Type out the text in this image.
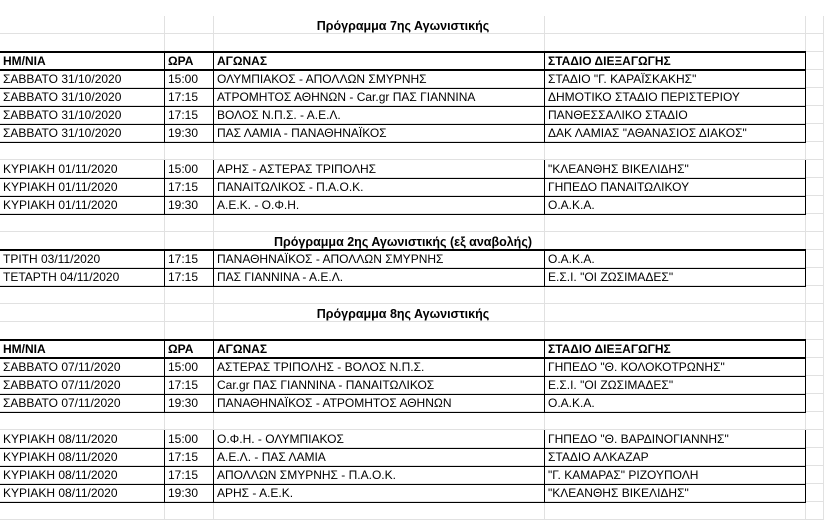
Πρόγραμμα 7ης Αγωνιστικής
ΗΜ/ΝΙΑ	ΩΡΑ	ΑΓΩΝΑΣ	ΣΤΑΔΙΟ ΔΙΕΞΑΓΩΓΗΣ
ΣΑΒΒΑΤΟ 31/10/2020	15:00	ΟΛΥΜΠΙΑΚΟΣ - ΑΠΟΛΛΩΝ ΣΜΥΡΝΗΣ	ΣΤΑΔΙΟ "Γ. ΚΑΡΑΪΣΚΑΚΗΣ"
ΣΑΒΒΑΤΟ 31/10/2020	17:15	ΑΤΡΟΜΗΤΟΣ ΑΘΗΝΩΝ - Car.gr ΠΑΣ ΓΙΑΝΝΙΝΑ	ΔΗΜΟΤΙΚΟ ΣΤΑΔΙΟ ΠΕΡΙΣΤΕΡΙΟΥ
ΣΑΒΒΑΤΟ 31/10/2020	17:15	ΒΟΛΟΣ Ν.Π.Σ. - Α.Ε.Λ.	ΠΑΝΘΕΣΣΑΛΙΚΟ ΣΤΑΔΙΟ
ΣΑΒΒΑΤΟ 31/10/2020	19:30	ΠΑΣ ΛΑΜΙΑ - ΠΑΝΑΘΗΝΑΪΚΟΣ	ΔΑΚ ΛΑΜΙΑΣ "ΑΘΑΝΑΣΙΟΣ ΔΙΑΚΟΣ"
ΚΥΡΙΑΚΗ 01/11/2020	15:00	ΑΡΗΣ - ΑΣΤΕΡΑΣ ΤΡΙΠΟΛΗΣ	"ΚΛΕΑΝΘΗΣ ΒΙΚΕΛΙΔΗΣ"
ΚΥΡΙΑΚΗ 01/11/2020	17:15	ΠΑΝΑΙΤΩΛΙΚΟΣ - Π.Α.Ο.Κ.	ΓΗΠΕΔΟ ΠΑΝΑΙΤΩΛΙΚΟΥ
ΚΥΡΙΑΚΗ 01/11/2020	19:30	Α.Ε.Κ. - Ο.Φ.Η.	Ο.Α.Κ.Α.
Πρόγραμμα 2ης Αγωνιστικής (εξ αναβολής)
ΤΡΙΤΗ 03/11/2020	17:15	ΠΑΝΑΘΗΝΑΪΚΟΣ - ΑΠΟΛΛΩΝ ΣΜΥΡΝΗΣ	Ο.Α.Κ.Α.
ΤΕΤΑΡΤΗ 04/11/2020	17:15	ΠΑΣ ΓΙΑΝΝΙΝΑ - Α.Ε.Λ.	Ε.Σ.Ι. "ΟΙ ΖΩΣΙΜΑΔΕΣ"
Πρόγραμμα 8ης Αγωνιστικής
ΗΜ/ΝΙΑ	ΩΡΑ	ΑΓΩΝΑΣ	ΣΤΑΔΙΟ ΔΙΕΞΑΓΩΓΗΣ
ΣΑΒΒΑΤΟ 07/11/2020	15:00	ΑΣΤΕΡΑΣ ΤΡΙΠΟΛΗΣ - ΒΟΛΟΣ Ν.Π.Σ.	ΓΗΠΕΔΟ "Θ. ΚΟΛΟΚΟΤΡΩΝΗΣ"
ΣΑΒΒΑΤΟ 07/11/2020	17:15	Car.gr ΠΑΣ ΓΙΑΝΝΙΝΑ - ΠΑΝΑΙΤΩΛΙΚΟΣ	Ε.Σ.Ι. "ΟΙ ΖΩΣΙΜΑΔΕΣ"
ΣΑΒΒΑΤΟ 07/11/2020	19:30	ΠΑΝΑΘΗΝΑΪΚΟΣ - ΑΤΡΟΜΗΤΟΣ ΑΘΗΝΩΝ	Ο.Α.Κ.Α.
ΚΥΡΙΑΚΗ 08/11/2020	15:00	Ο.Φ.Η. - ΟΛΥΜΠΙΑΚΟΣ	ΓΗΠΕΔΟ "Θ. ΒΑΡΔΙΝΟΓΙΑΝΝΗΣ"
ΚΥΡΙΑΚΗ 08/11/2020	17:15	Α.Ε.Λ. - ΠΑΣ ΛΑΜΙΑ	ΣΤΑΔΙΟ ΑΛΚΑΖΑΡ
ΚΥΡΙΑΚΗ 08/11/2020	17:15	ΑΠΟΛΛΩΝ ΣΜΥΡΝΗΣ - Π.Α.Ο.Κ.	"Γ. ΚΑΜΑΡΑΣ" ΡΙΖΟΥΠΟΛΗ
ΚΥΡΙΑΚΗ 08/11/2020	19:30	ΑΡΗΣ - Α.Ε.Κ.	"ΚΛΕΑΝΘΗΣ ΒΙΚΕΛΙΔΗΣ"
